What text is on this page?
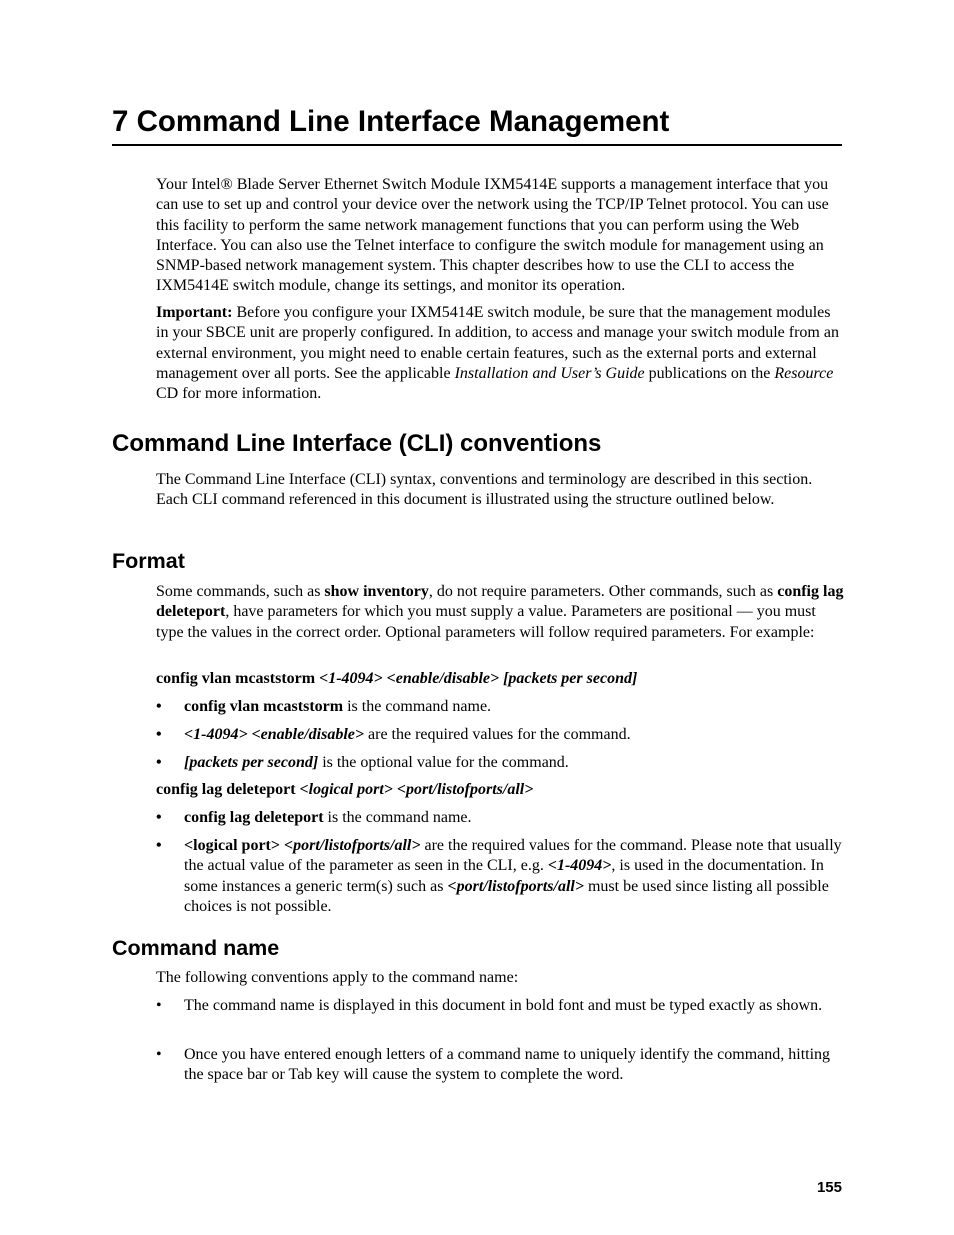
7 Command Line Interface Management

Your Intel® Blade Server Ethernet Switch Module IXM5414E supports a management interface that you can use to set up and control your device over the network using the TCP/IP Telnet protocol. You can use this facility to perform the same network management functions that you can perform using the Web Interface. You can also use the Telnet interface to configure the switch module for management using an SNMP-based network management system. This chapter describes how to use the CLI to access the IXM5414E switch module, change its settings, and monitor its operation.

Important: Before you configure your IXM5414E switch module, be sure that the management modules in your SBCE unit are properly configured. In addition, to access and manage your switch module from an external environment, you might need to enable certain features, such as the external ports and external management over all ports. See the applicable Installation and User’s Guide publications on the Resource CD for more information.

Command Line Interface (CLI) conventions

The Command Line Interface (CLI) syntax, conventions and terminology are described in this section. Each CLI command referenced in this document is illustrated using the structure outlined below.

Format

Some commands, such as show inventory, do not require parameters. Other commands, such as config lag deleteport, have parameters for which you must supply a value. Parameters are positional — you must type the values in the correct order. Optional parameters will follow required parameters. For example:

config vlan mcaststorm <1-4094> <enable/disable> [packets per second]

• config vlan mcaststorm is the command name.
• <1-4094> <enable/disable> are the required values for the command.
• [packets per second] is the optional value for the command.

config lag deleteport <logical port> <port/listofports/all>

• config lag deleteport is the command name.
• <logical port> <port/listofports/all> are the required values for the command. Please note that usually the actual value of the parameter as seen in the CLI, e.g. <1-4094>, is used in the documentation. In some instances a generic term(s) such as <port/listofports/all> must be used since listing all possible choices is not possible.
Command name

The following conventions apply to the command name:

• The command name is displayed in this document in bold font and must be typed exactly as shown.
• Once you have entered enough letters of a command name to uniquely identify the command, hitting the space bar or Tab key will cause the system to complete the word.
155
